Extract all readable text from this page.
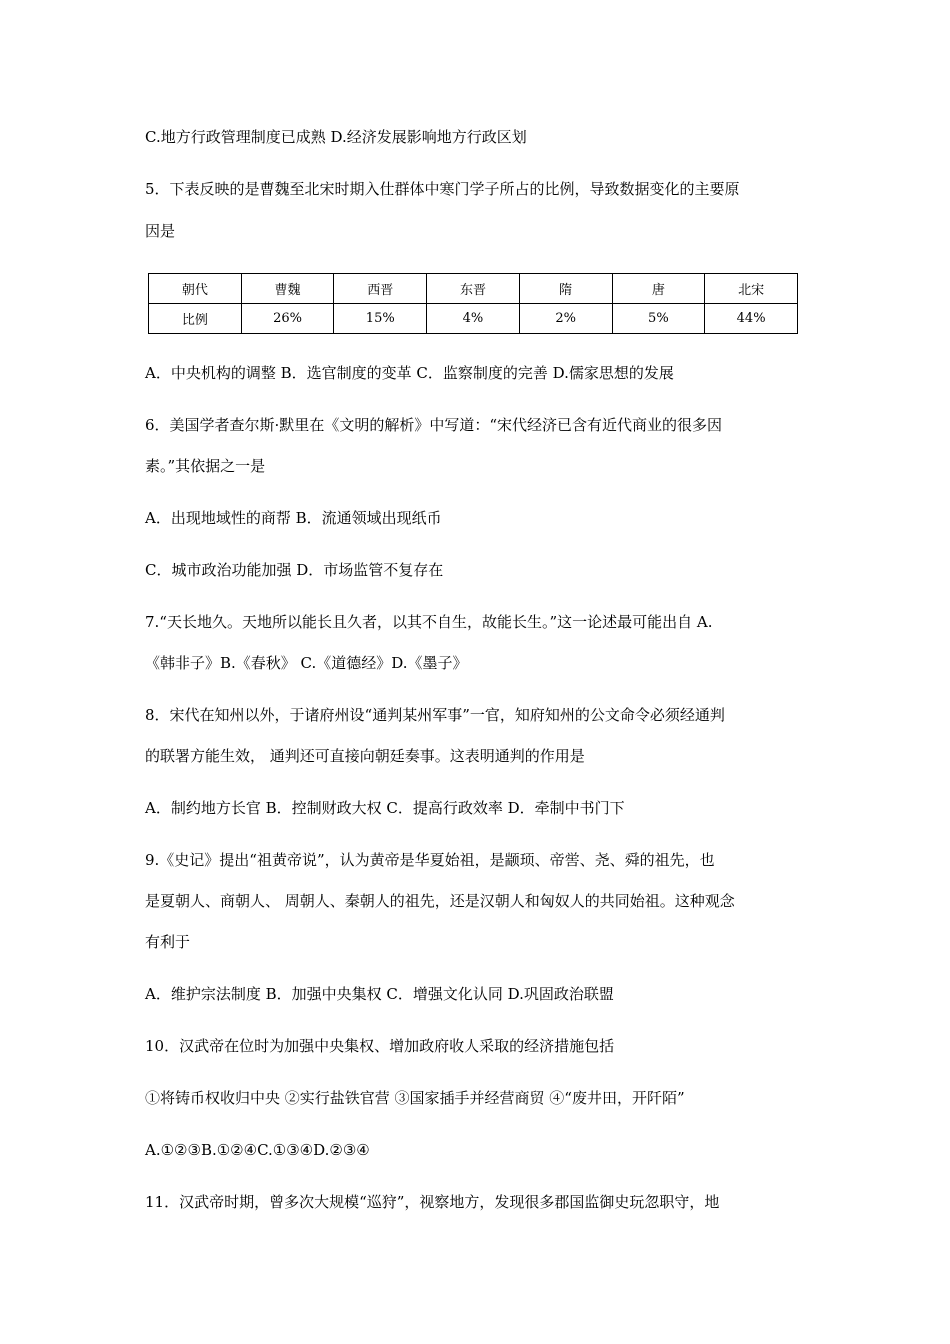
C.地方行政管理制度已成熟 D.经济发展影响地方行政区划

5．下表反映的是曹魏至北宋时期入仕群体中寒门学子所占的比例，导致数据变化的主要原

因是

朝代	曹魏	西晋	东晋	隋	唐	北宋
比例	26%	15%	4%	2%	5%	44%

A．中央机构的调整 B．选官制度的变革 C．监察制度的完善 D.儒家思想的发展

6．美国学者查尔斯·默里在《文明的解析》中写道：“宋代经济已含有近代商业的很多因

素。”其依据之一是

A．出现地域性的商帮 B．流通领域出现纸币

C．城市政治功能加强 D．市场监管不复存在

7.“天长地久。天地所以能长且久者，以其不自生，故能长生。”这一论述最可能出自 A.

《韩非子》B.《春秋》 C.《道德经》D.《墨子》

8．宋代在知州以外，于诸府州设“通判某州军事”一官，知府知州的公文命令必须经通判

的联署方能生效， 通判还可直接向朝廷奏事。这表明通判的作用是

A．制约地方长官 B．控制财政大权 C．提高行政效率 D．牵制中书门下

9.《史记》提出“祖黄帝说”，认为黄帝是华夏始祖，是颛顼、帝喾、尧、舜的祖先，也

是夏朝人、商朝人、 周朝人、秦朝人的祖先，还是汉朝人和匈奴人的共同始祖。这种观念

有利于

A．维护宗法制度 B．加强中央集权 C．增强文化认同 D.巩固政治联盟

10．汉武帝在位时为加强中央集权、增加政府收人采取的经济措施包括

①将铸币权收归中央 ②实行盐铁官营 ③国家插手并经营商贸 ④“废井田，开阡陌”

A.①②③B.①②④C.①③④D.②③④

11．汉武帝时期，曾多次大规模“巡狩”，视察地方，发现很多郡国监御史玩忽职守，地
